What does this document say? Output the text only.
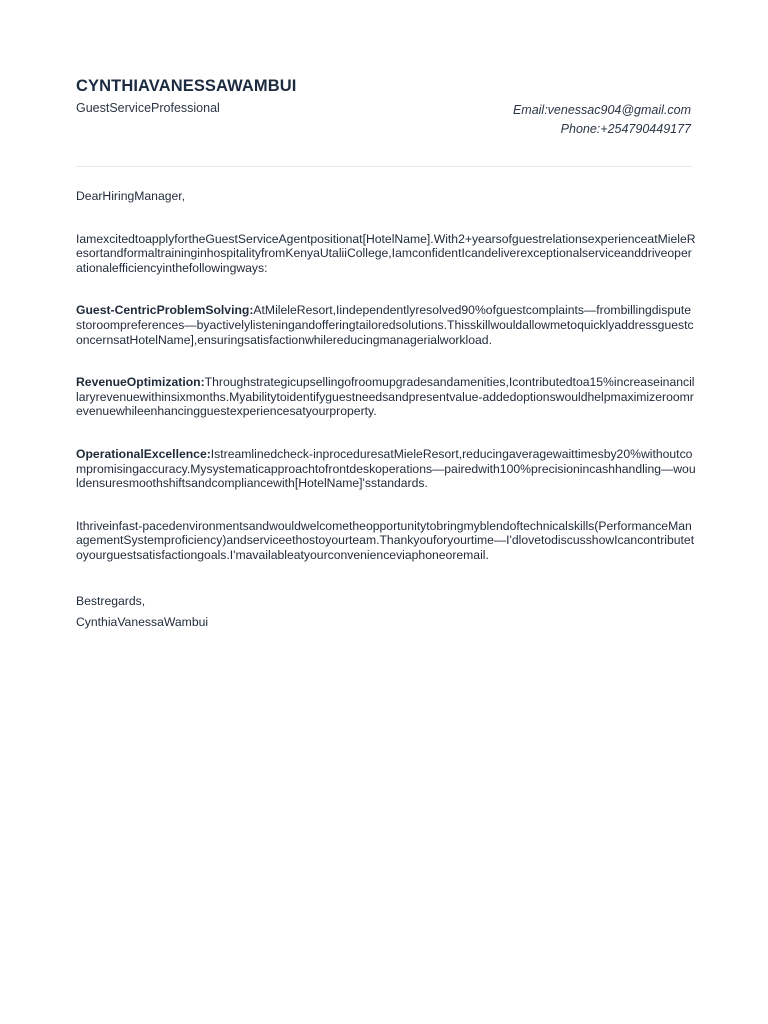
CYNTHIAVANESSAWAMBUI
GuestServiceProfessional	Email:venessac904@gmail.com
Phone:+254790449177

DearHiringManager,

IamexcitedtoapplyfortheGuestServiceAgentpositionat[HotelName].With2+yearsofguestrelationsexperienceatMieleResortandformaltraininginhospitalityfromKenyaUtaliiCollege,IamconfidentIcandeliverexceptionalserviceanddriveoperationalefficiencyinthefollowingways:

Guest-CentricProblemSolving:AtMileleResort,Iindependentlyresolved90%ofguestcomplaints—frombillingdisputestoroompreferences—byactivelylisteningandofferingtailoredsolutions.ThisskillwouldallowmetoquicklyaddressguestconcernsatHotelName],ensuringsatisfactionwhilereducingmanagerialworkload.

RevenueOptimization:Throughstrategicupsellingofroomupgradesandamenities,Icontributedtoa15%increaseinancillaryrevenuewithinsixmonths.Myabilitytoidentifyguestneedsandpresentvalue-addedoptionswouldhelpmaximizeroomrevenuewhileenhancingguestexperiencesatyourproperty.

OperationalExcellence:Istreamlinedcheck-inproceduresatMieleResort,reducingaveragewaittimesby20%withoutcompromisingaccuracy.Mysystematicapproachtofrontdeskoperations—pairedwith100%precisionincashhandling—wouldensuresmoothshiftsandcompliancewith[HotelName]'sstandards.

Ithriveinfast-pacedenvironmentsandwouldwelcometheopportunitytobringmyblendoftechnicalskills(PerformanceManagementSystemproficiency)andserviceethostoyourteam.Thankyouforyourtime—I'dlovetodiscusshowIcancontributetoyourguestsatisfactiongoals.I'mavailableatyourconvenienceviaphoneoremail.

Bestregards,

CynthiaVanessaWambui
